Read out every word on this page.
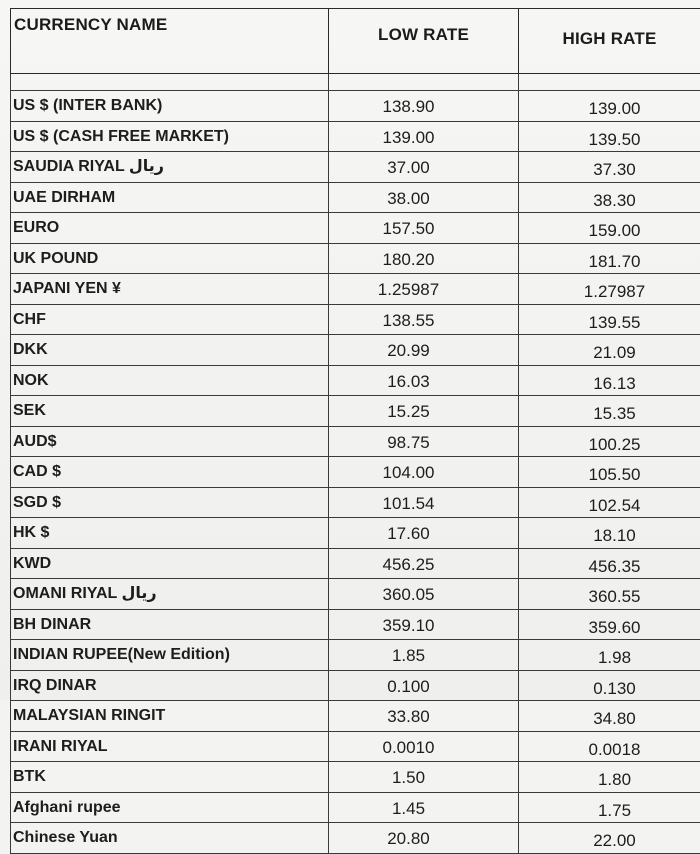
CURRENCY NAME	LOW RATE	HIGH RATE

US $ (INTER BANK)	138.90	139.00
US $ (CASH FREE MARKET)	139.00	139.50
SAUDIA RIYAL ریال	37.00	37.30
UAE DIRHAM	38.00	38.30
EURO	157.50	159.00
UK POUND	180.20	181.70
JAPANI YEN ¥	1.25987	1.27987
CHF	138.55	139.55
DKK	20.99	21.09
NOK	16.03	16.13
SEK	15.25	15.35
AUD$	98.75	100.25
CAD $	104.00	105.50
SGD $	101.54	102.54
HK $	17.60	18.10
KWD	456.25	456.35
OMANI RIYAL ریال	360.05	360.55
BH DINAR	359.10	359.60
INDIAN RUPEE(New Edition)	1.85	1.98
IRQ DINAR	0.100	0.130
MALAYSIAN RINGIT	33.80	34.80
IRANI RIYAL	0.0010	0.0018
BTK	1.50	1.80
Afghani rupee	1.45	1.75
Chinese Yuan	20.80	22.00
